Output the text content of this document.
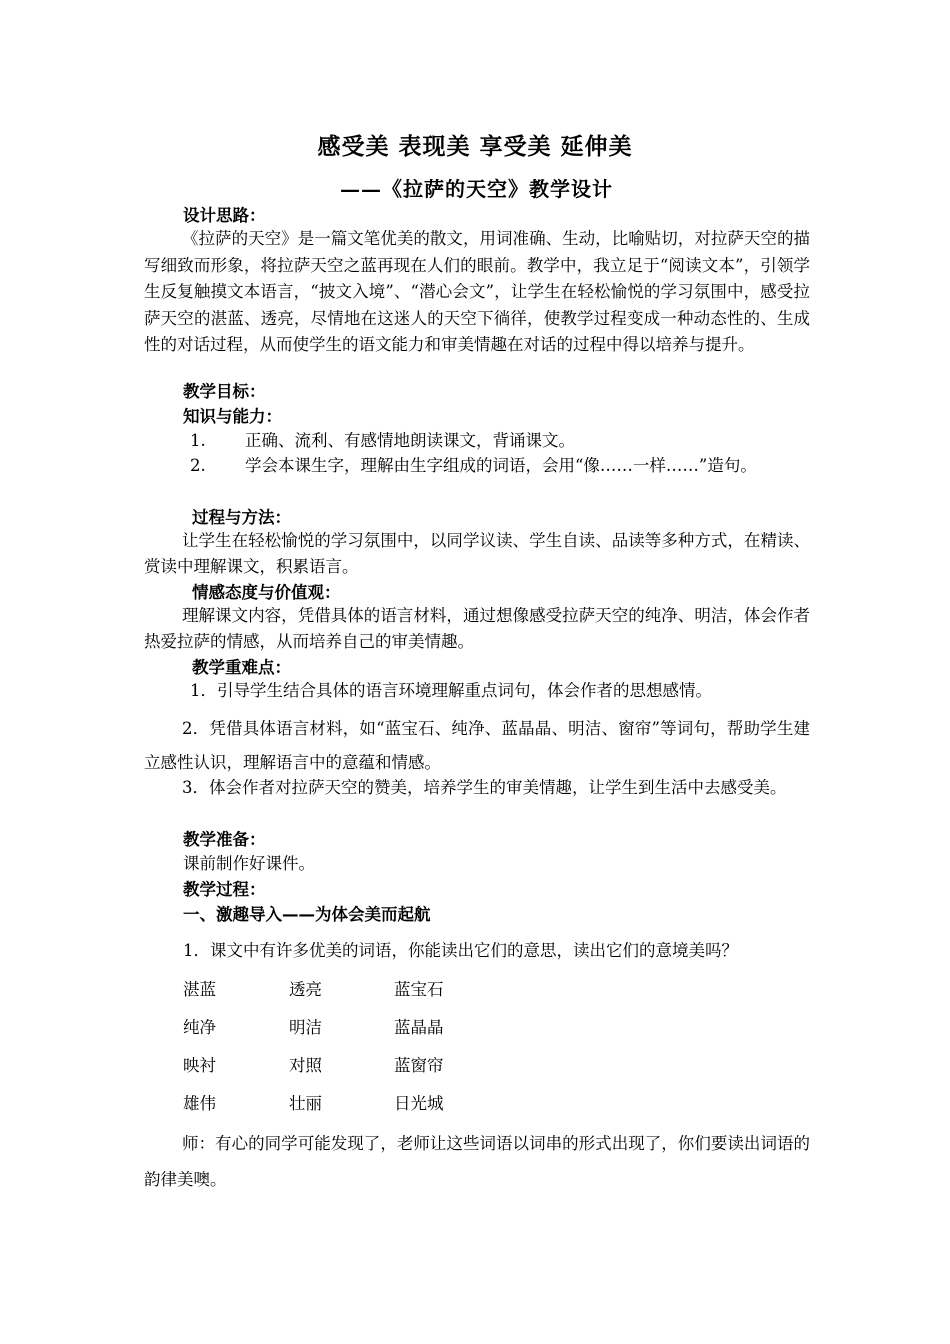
感受美 表现美 享受美 延伸美
——《拉萨的天空》教学设计
设计思路：
《拉萨的天空》是一篇文笔优美的散文，用词准确、生动，比喻贴切，对拉萨天空的描写细致而形象，将拉萨天空之蓝再现在人们的眼前。教学中，我立足于“阅读文本”，引领学生反复触摸文本语言，“披文入境”、“潜心会文”，让学生在轻松愉悦的学习氛围中，感受拉萨天空的湛蓝、透亮，尽情地在这迷人的天空下徜徉，使教学过程变成一种动态性的、生成性的对话过程，从而使学生的语文能力和审美情趣在对话的过程中得以培养与提升。
教学目标：
知识与能力：
1. 正确、流利、有感情地朗读课文，背诵课文。
2.	学会本课生字，理解由生字组成的词语，会用“像……一样……”造句。
过程与方法：
让学生在轻松愉悦的学习氛围中，以同学议读、学生自读、品读等多种方式，在精读、赏读中理解课文，积累语言。
情感态度与价值观：
理解课文内容，凭借具体的语言材料，通过想像感受拉萨天空的纯净、明洁，体会作者热爱拉萨的情感，从而培养自己的审美情趣。
教学重难点：
1．引导学生结合具体的语言环境理解重点词句，体会作者的思想感情。
2．凭借具体语言材料，如“蓝宝石、纯净、蓝晶晶、明洁、窗帘”等词句，帮助学生建立感性认识，理解语言中的意蕴和情感。
3．体会作者对拉萨天空的赞美，培养学生的审美情趣，让学生到生活中去感受美。
教学准备：
课前制作好课件。
教学过程：
一、激趣导入——为体会美而起航
1．课文中有许多优美的词语，你能读出它们的意思，读出它们的意境美吗？
湛蓝	透亮	蓝宝石
纯净	明洁	蓝晶晶
映衬	对照	蓝窗帘
雄伟	壮丽	日光城
师：有心的同学可能发现了，老师让这些词语以词串的形式出现了，你们要读出词语的韵律美噢。
